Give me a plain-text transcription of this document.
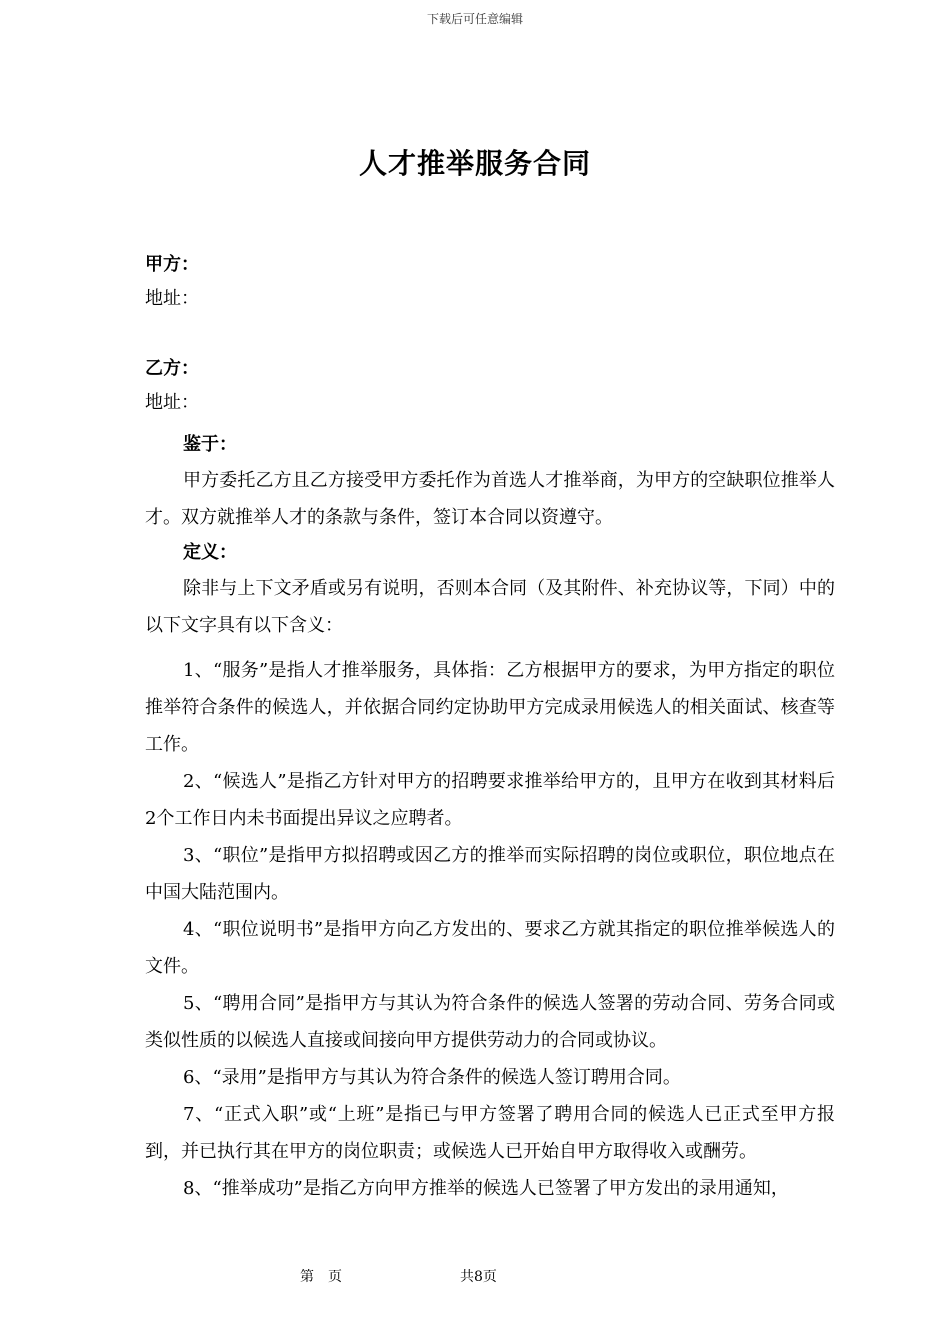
下载后可任意编辑
人才推举服务合同
甲方：
地址：
乙方：
地址：
鉴于：
甲方委托乙方且乙方接受甲方委托作为首选人才推举商，为甲方的空缺职位推举人才。双方就推举人才的条款与条件，签订本合同以资遵守。
定义：
除非与上下文矛盾或另有说明，否则本合同（及其附件、补充协议等，下同）中的以下文字具有以下含义：
1、“服务”是指人才推举服务，具体指：乙方根据甲方的要求，为甲方指定的职位推举符合条件的候选人，并依据合同约定协助甲方完成录用候选人的相关面试、核查等工作。
2、“候选人”是指乙方针对甲方的招聘要求推举给甲方的，且甲方在收到其材料后2个工作日内未书面提出异议之应聘者。
3、“职位”是指甲方拟招聘或因乙方的推举而实际招聘的岗位或职位，职位地点在中国大陆范围内。
4、“职位说明书”是指甲方向乙方发出的、要求乙方就其指定的职位推举候选人的文件。
5、“聘用合同”是指甲方与其认为符合条件的候选人签署的劳动合同、劳务合同或类似性质的以候选人直接或间接向甲方提供劳动力的合同或协议。
6、“录用”是指甲方与其认为符合条件的候选人签订聘用合同。
7、“正式入职”或“上班”是指已与甲方签署了聘用合同的候选人已正式至甲方报到，并已执行其在甲方的岗位职责；或候选人已开始自甲方取得收入或酬劳。
8、“推举成功”是指乙方向甲方推举的候选人已签署了甲方发出的录用通知，
第　页	共8页
